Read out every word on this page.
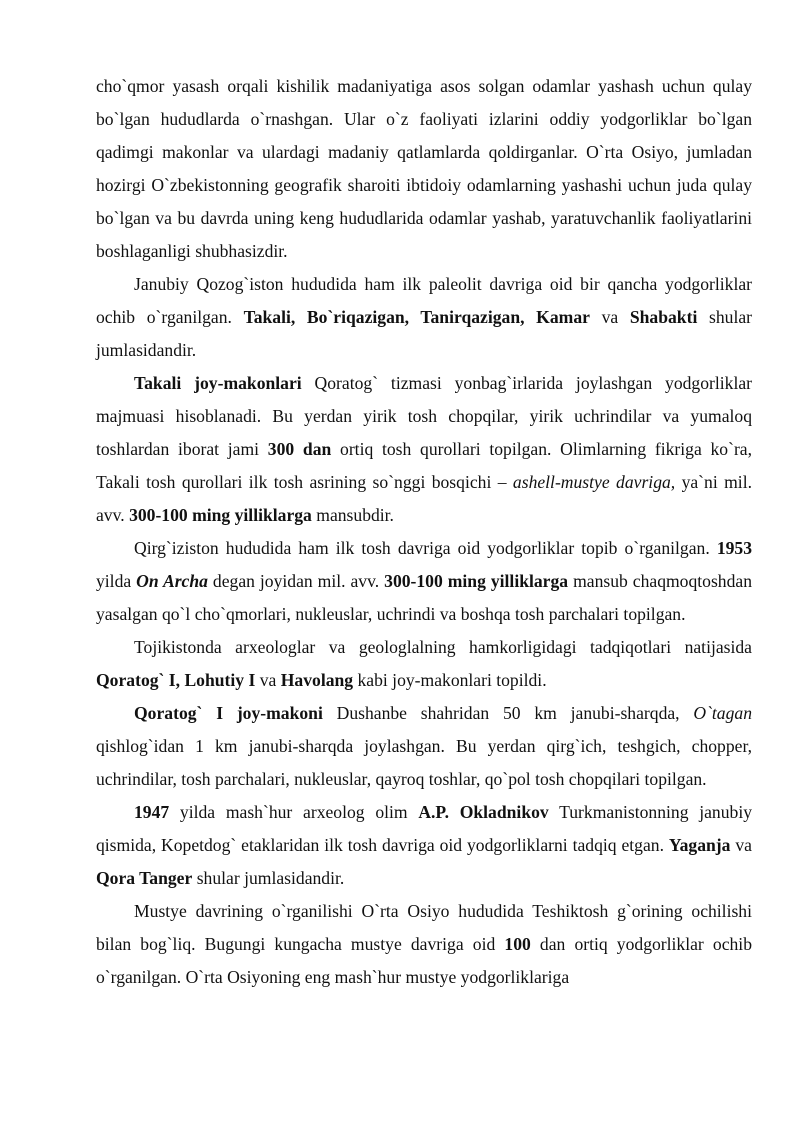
cho`qmor yasash orqali kishilik madaniyatiga asos solgan odamlar yashash uchun qulay bo`lgan hududlarda o`rnashgan. Ular o`z faoliyati izlarini oddiy yodgorliklar bo`lgan qadimgi makonlar va ulardagi madaniy qatlamlarda qoldirganlar. O`rta Osiyo, jumladan hozirgi O`zbekistonning geografik sharoiti ibtidoiy odamlarning yashashi uchun juda qulay bo`lgan va bu davrda uning keng hududlarida odamlar yashab, yaratuvchanlik faoliyatlarini boshlaganligi shubhasizdir.

Janubiy Qozog`iston hududida ham ilk paleolit davriga oid bir qancha yodgorliklar ochib o`rganilgan. Takali, Bo`riqazigan, Tanirqazigan, Kamar va Shabakti shular jumlasidandir.

Takali joy-makonlari Qoratog` tizmasi yonbag`irlarida joylashgan yodgorliklar majmuasi hisoblanadi. Bu yerdan yirik tosh chopqilar, yirik uchrindilar va yumaloq toshlardan iborat jami 300 dan ortiq tosh qurollari topilgan. Olimlarning fikriga ko`ra, Takali tosh qurollari ilk tosh asrining so`nggi bosqichi – ashell-mustye davriga, ya`ni mil. avv. 300-100 ming yilliklarga mansubdir.

Qirg`iziston hududida ham ilk tosh davriga oid yodgorliklar topib o`rganilgan. 1953 yilda On Archa degan joyidan mil. avv. 300-100 ming yilliklarga mansub chaqmoqtoshdan yasalgan qo`l cho`qmorlari, nukleuslar, uchrindi va boshqa tosh parchalari topilgan.

Tojikistonda arxeologlar va geologlalning hamkorligidagi tadqiqotlari natijasida Qoratog` I, Lohutiy I va Havolang kabi joy-makonlari topildi.

Qoratog` I joy-makoni Dushanbe shahridan 50 km janubi-sharqda, O`tagan qishlog`idan 1 km janubi-sharqda joylashgan. Bu yerdan qirg`ich, teshgich, chopper, uchrindilar, tosh parchalari, nukleuslar, qayroq toshlar, qo`pol tosh chopqilari topilgan.

1947 yilda mash`hur arxeolog olim A.P. Okladnikov Turkmanistonning janubiy qismida, Kopetdog` etaklaridan ilk tosh davriga oid yodgorliklarni tadqiq etgan. Yaganja va Qora Tanger shular jumlasidandir.

Mustye davrining o`rganilishi O`rta Osiyo hududida Teshiktosh g`orining ochilishi bilan bog`liq. Bugungi kungacha mustye davriga oid 100 dan ortiq yodgorliklar ochib o`rganilgan. O`rta Osiyoning eng mash`hur mustye yodgorliklariga
